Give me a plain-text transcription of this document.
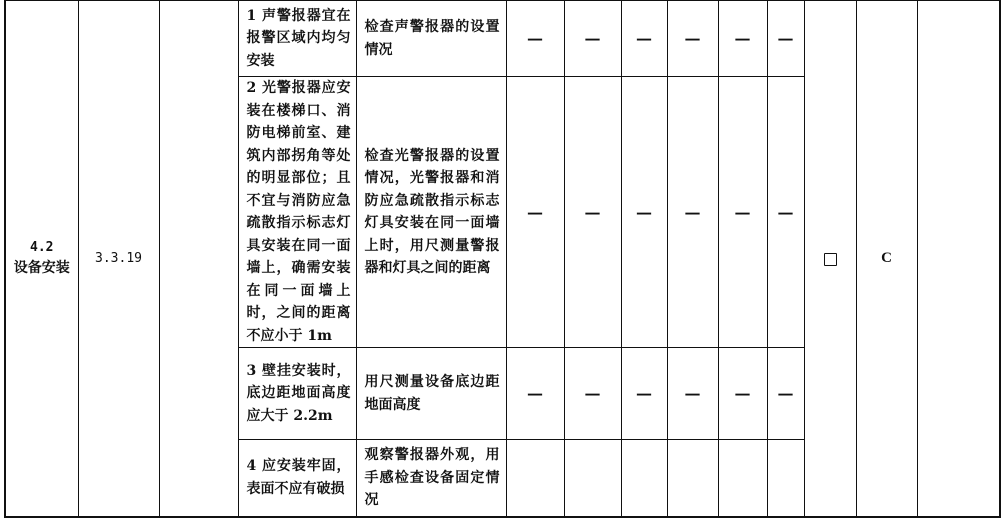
4.2
设备安装	3.3.19		1 声警报器宜在报警区域内均匀安装	检查声警报器的设置情况	—	—	—	—	—	—		C	
			2 光警报器应安装在楼梯口、消防电梯前室、建筑内部拐角等处的明显部位；且不宜与消防应急疏散指示标志灯具安装在同一面墙上，确需安装在同一面墙上时，之间的距离不应小于 1m	检查光警报器的设置情况，光警报器和消防应急疏散指示标志灯具安装在同一面墙上时，用尺测量警报器和灯具之间的距离	—	—	—	—	—	—			
			3 壁挂安装时，底边距地面高度应大于 2.2m	用尺测量设备底边距地面高度	—	—	—	—	—	—			
			4 应安装牢固，表面不应有破损	观察警报器外观，用手感检查设备固定情况									
